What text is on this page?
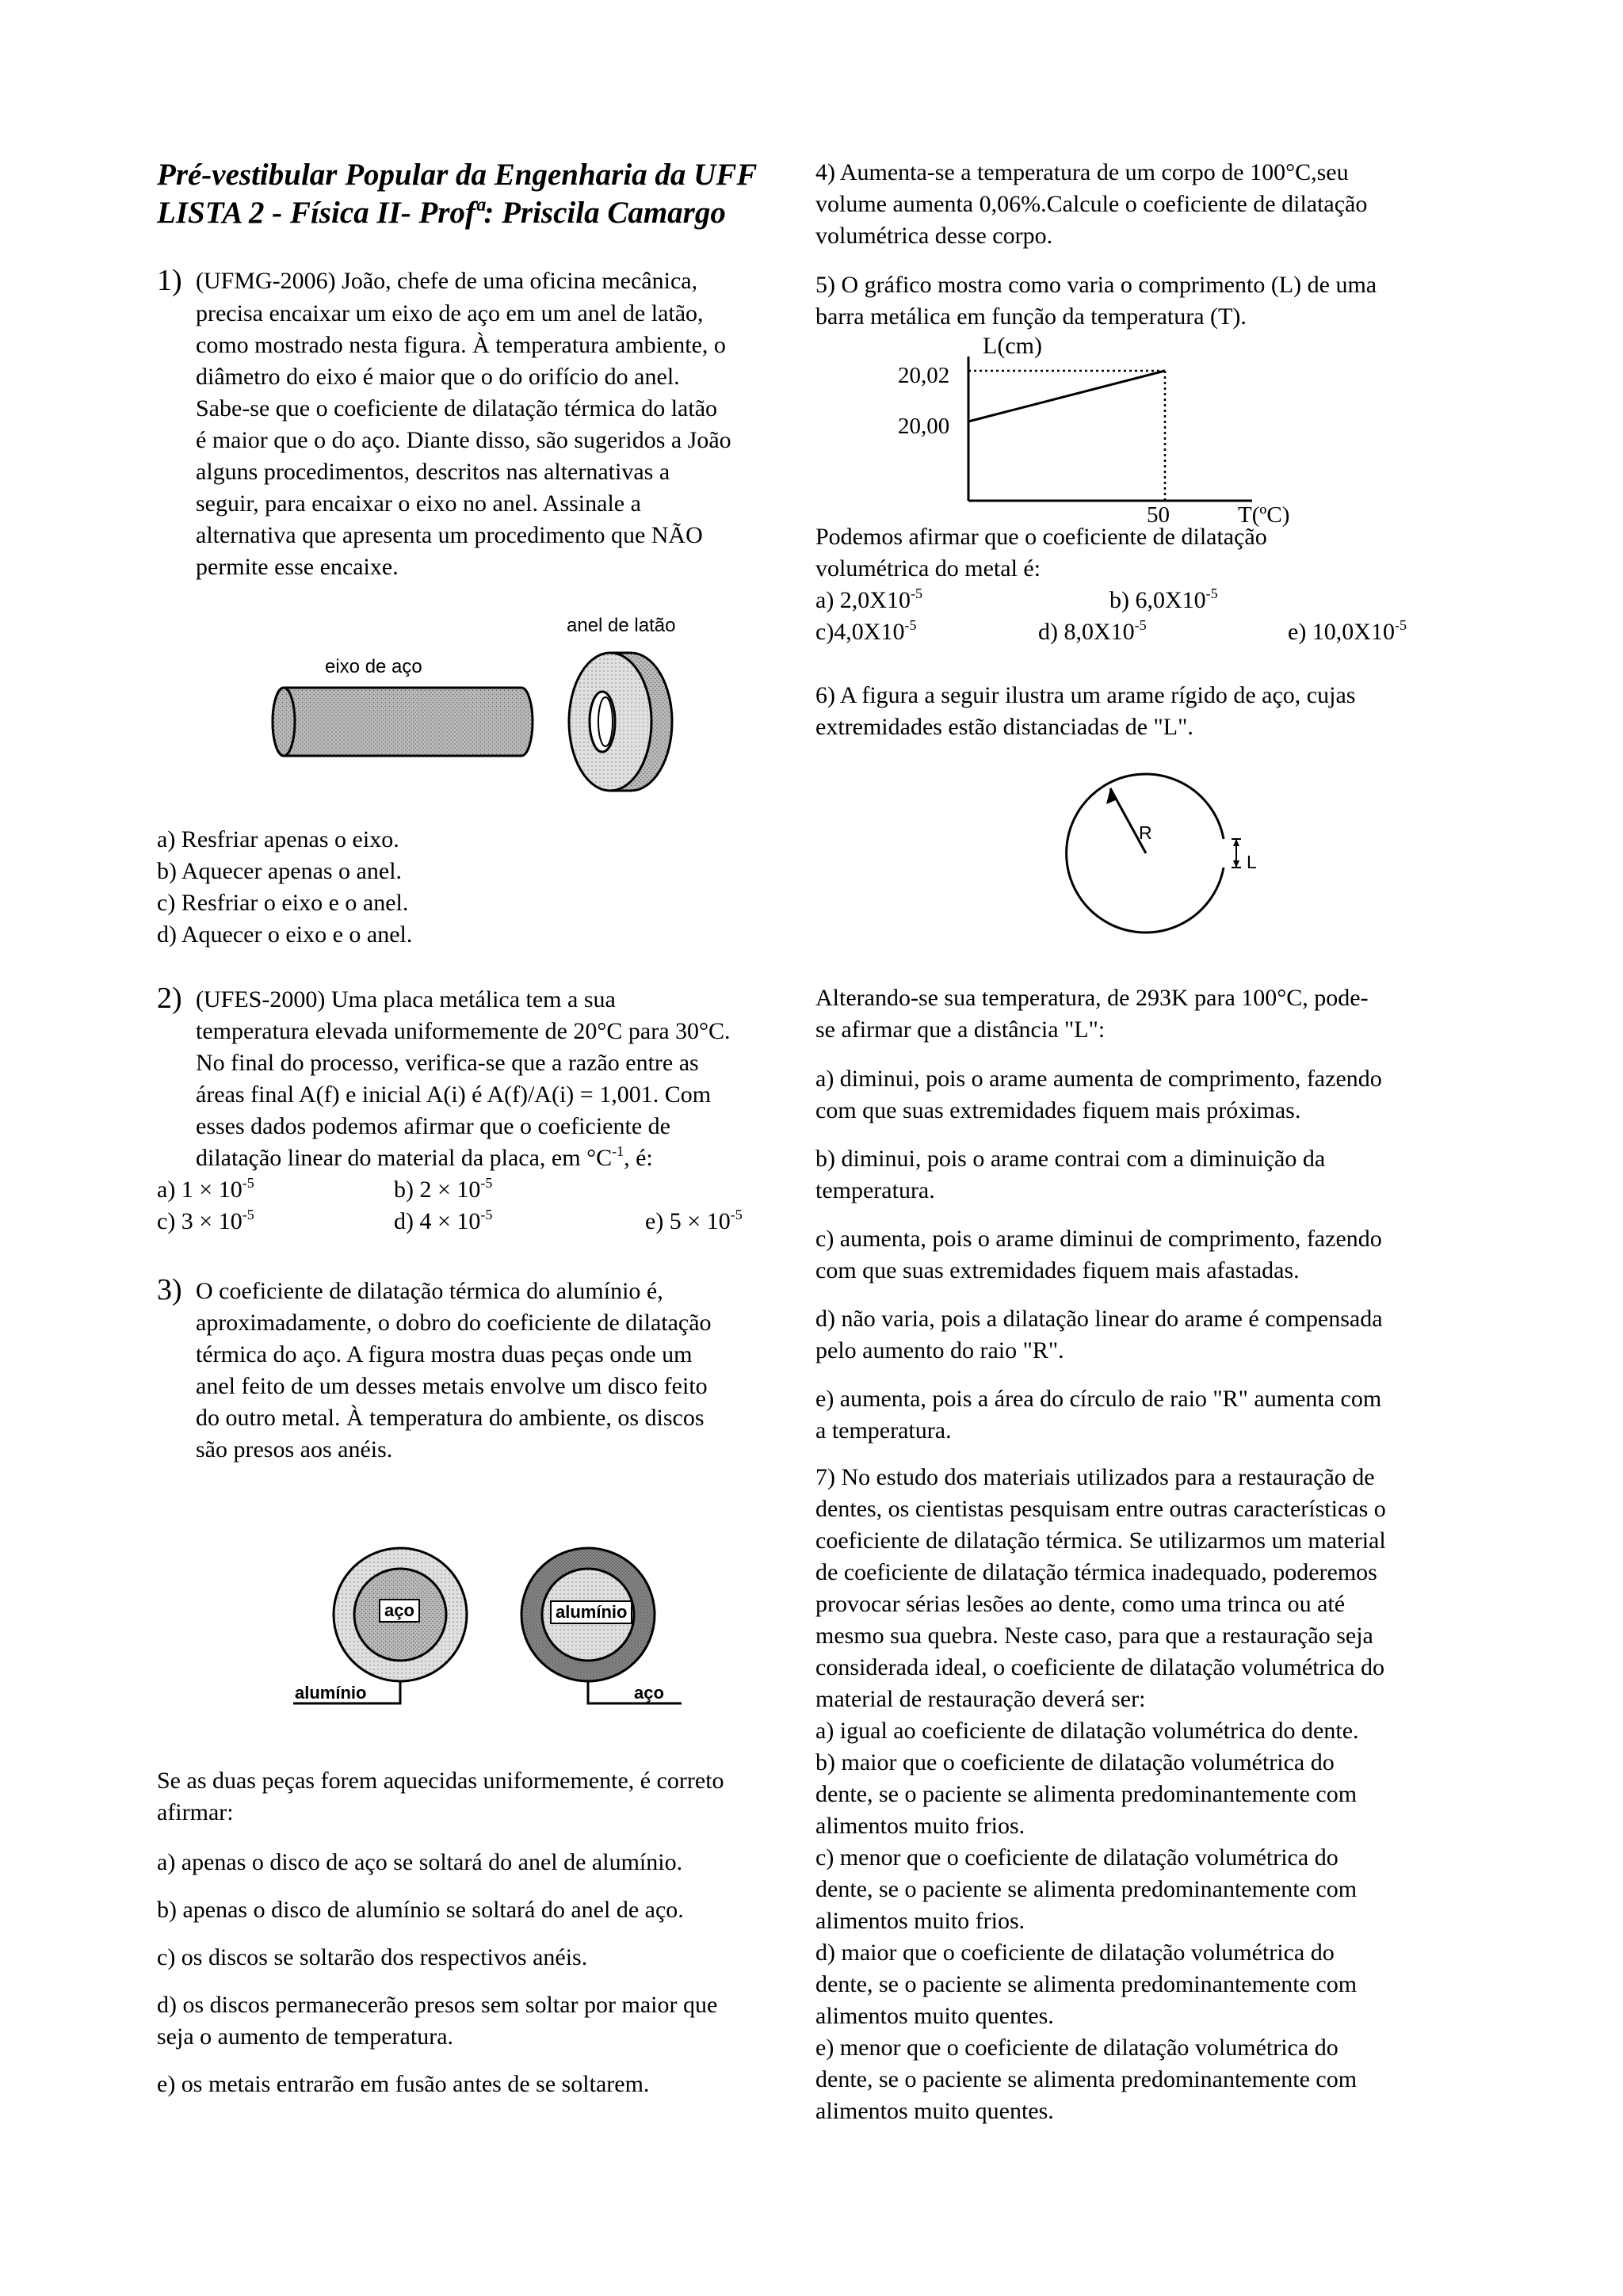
Pré-vestibular Popular da Engenharia da UFF
LISTA 2 - Física II- Profª: Priscila Camargo
1) (UFMG-2006) João, chefe de uma oficina mecânica,
precisa encaixar um eixo de aço em um anel de latão,
como mostrado nesta figura. À temperatura ambiente, o
diâmetro do eixo é maior que o do orifício do anel.
Sabe-se que o coeficiente de dilatação térmica do latão
é maior que o do aço. Diante disso, são sugeridos a João
alguns procedimentos, descritos nas alternativas a
seguir, para encaixar o eixo no anel. Assinale a
alternativa que apresenta um procedimento que NÃO
permite esse encaixe.
eixo de aço
anel de latão
a) Resfriar apenas o eixo.
b) Aquecer apenas o anel.
c) Resfriar o eixo e o anel.
d) Aquecer o eixo e o anel.
2) (UFES-2000) Uma placa metálica tem a sua
temperatura elevada uniformemente de 20°C para 30°C.
No final do processo, verifica-se que a razão entre as
áreas final A(f) e inicial A(i) é A(f)/A(i) = 1,001. Com
esses dados podemos afirmar que o coeficiente de
dilatação linear do material da placa, em $^\circ C^{-1}$, é:
a) $1 \times 10^{-5}$	b) $2 \times 10^{-5}$
c) $3 \times 10^{-5}$	d) $4 \times 10^{-5}$	e) $5 \times 10^{-5}$
3) O coeficiente de dilatação térmica do alumínio é,
aproximadamente, o dobro do coeficiente de dilatação
térmica do aço. A figura mostra duas peças onde um
anel feito de um desses metais envolve um disco feito
do outro metal. À temperatura do ambiente, os discos
são presos aos anéis.
aço
alumínio
alumínio
aço
Se as duas peças forem aquecidas uniformemente, é correto
afirmar:
a) apenas o disco de aço se soltará do anel de alumínio.
b) apenas o disco de alumínio se soltará do anel de aço.
c) os discos se soltarão dos respectivos anéis.
d) os discos permanecerão presos sem soltar por maior que
seja o aumento de temperatura.
e) os metais entrarão em fusão antes de se soltarem.
4) Aumenta-se a temperatura de um corpo de 100°C,seu
volume aumenta 0,06%.Calcule o coeficiente de dilatação
volumétrica desse corpo.
5) O gráfico mostra como varia o comprimento (L) de uma
barra metálica em função da temperatura (T).
L(cm)
20,02
20,00
50	T(ºC)
Podemos afirmar que o coeficiente de dilatação
volumétrica do metal é:
a) $2,0X10^{-5}$	b) $6,0X10^{-5}$
$c)4,0X10^{-5}$	d) $8,0X10^{-5}$	e) $10,0X10^{-5}$
6) A figura a seguir ilustra um arame rígido de aço, cujas
extremidades estão distanciadas de "L".
R
L
Alterando-se sua temperatura, de 293K para 100°C, pode-
se afirmar que a distância "L":
a) diminui, pois o arame aumenta de comprimento, fazendo
com que suas extremidades fiquem mais próximas.
b) diminui, pois o arame contrai com a diminuição da
temperatura.
c) aumenta, pois o arame diminui de comprimento, fazendo
com que suas extremidades fiquem mais afastadas.
d) não varia, pois a dilatação linear do arame é compensada
pelo aumento do raio "R".
e) aumenta, pois a área do círculo de raio "R" aumenta com
a temperatura.
7) No estudo dos materiais utilizados para a restauração de
dentes, os cientistas pesquisam entre outras características o
coeficiente de dilatação térmica. Se utilizarmos um material
de coeficiente de dilatação térmica inadequado, poderemos
provocar sérias lesões ao dente, como uma trinca ou até
mesmo sua quebra. Neste caso, para que a restauração seja
considerada ideal, o coeficiente de dilatação volumétrica do
material de restauração deverá ser:
a) igual ao coeficiente de dilatação volumétrica do dente.
b) maior que o coeficiente de dilatação volumétrica do
dente, se o paciente se alimenta predominantemente com
alimentos muito frios.
c) menor que o coeficiente de dilatação volumétrica do
dente, se o paciente se alimenta predominantemente com
alimentos muito frios.
d) maior que o coeficiente de dilatação volumétrica do
dente, se o paciente se alimenta predominantemente com
alimentos muito quentes.
e) menor que o coeficiente de dilatação volumétrica do
dente, se o paciente se alimenta predominantemente com
alimentos muito quentes.
